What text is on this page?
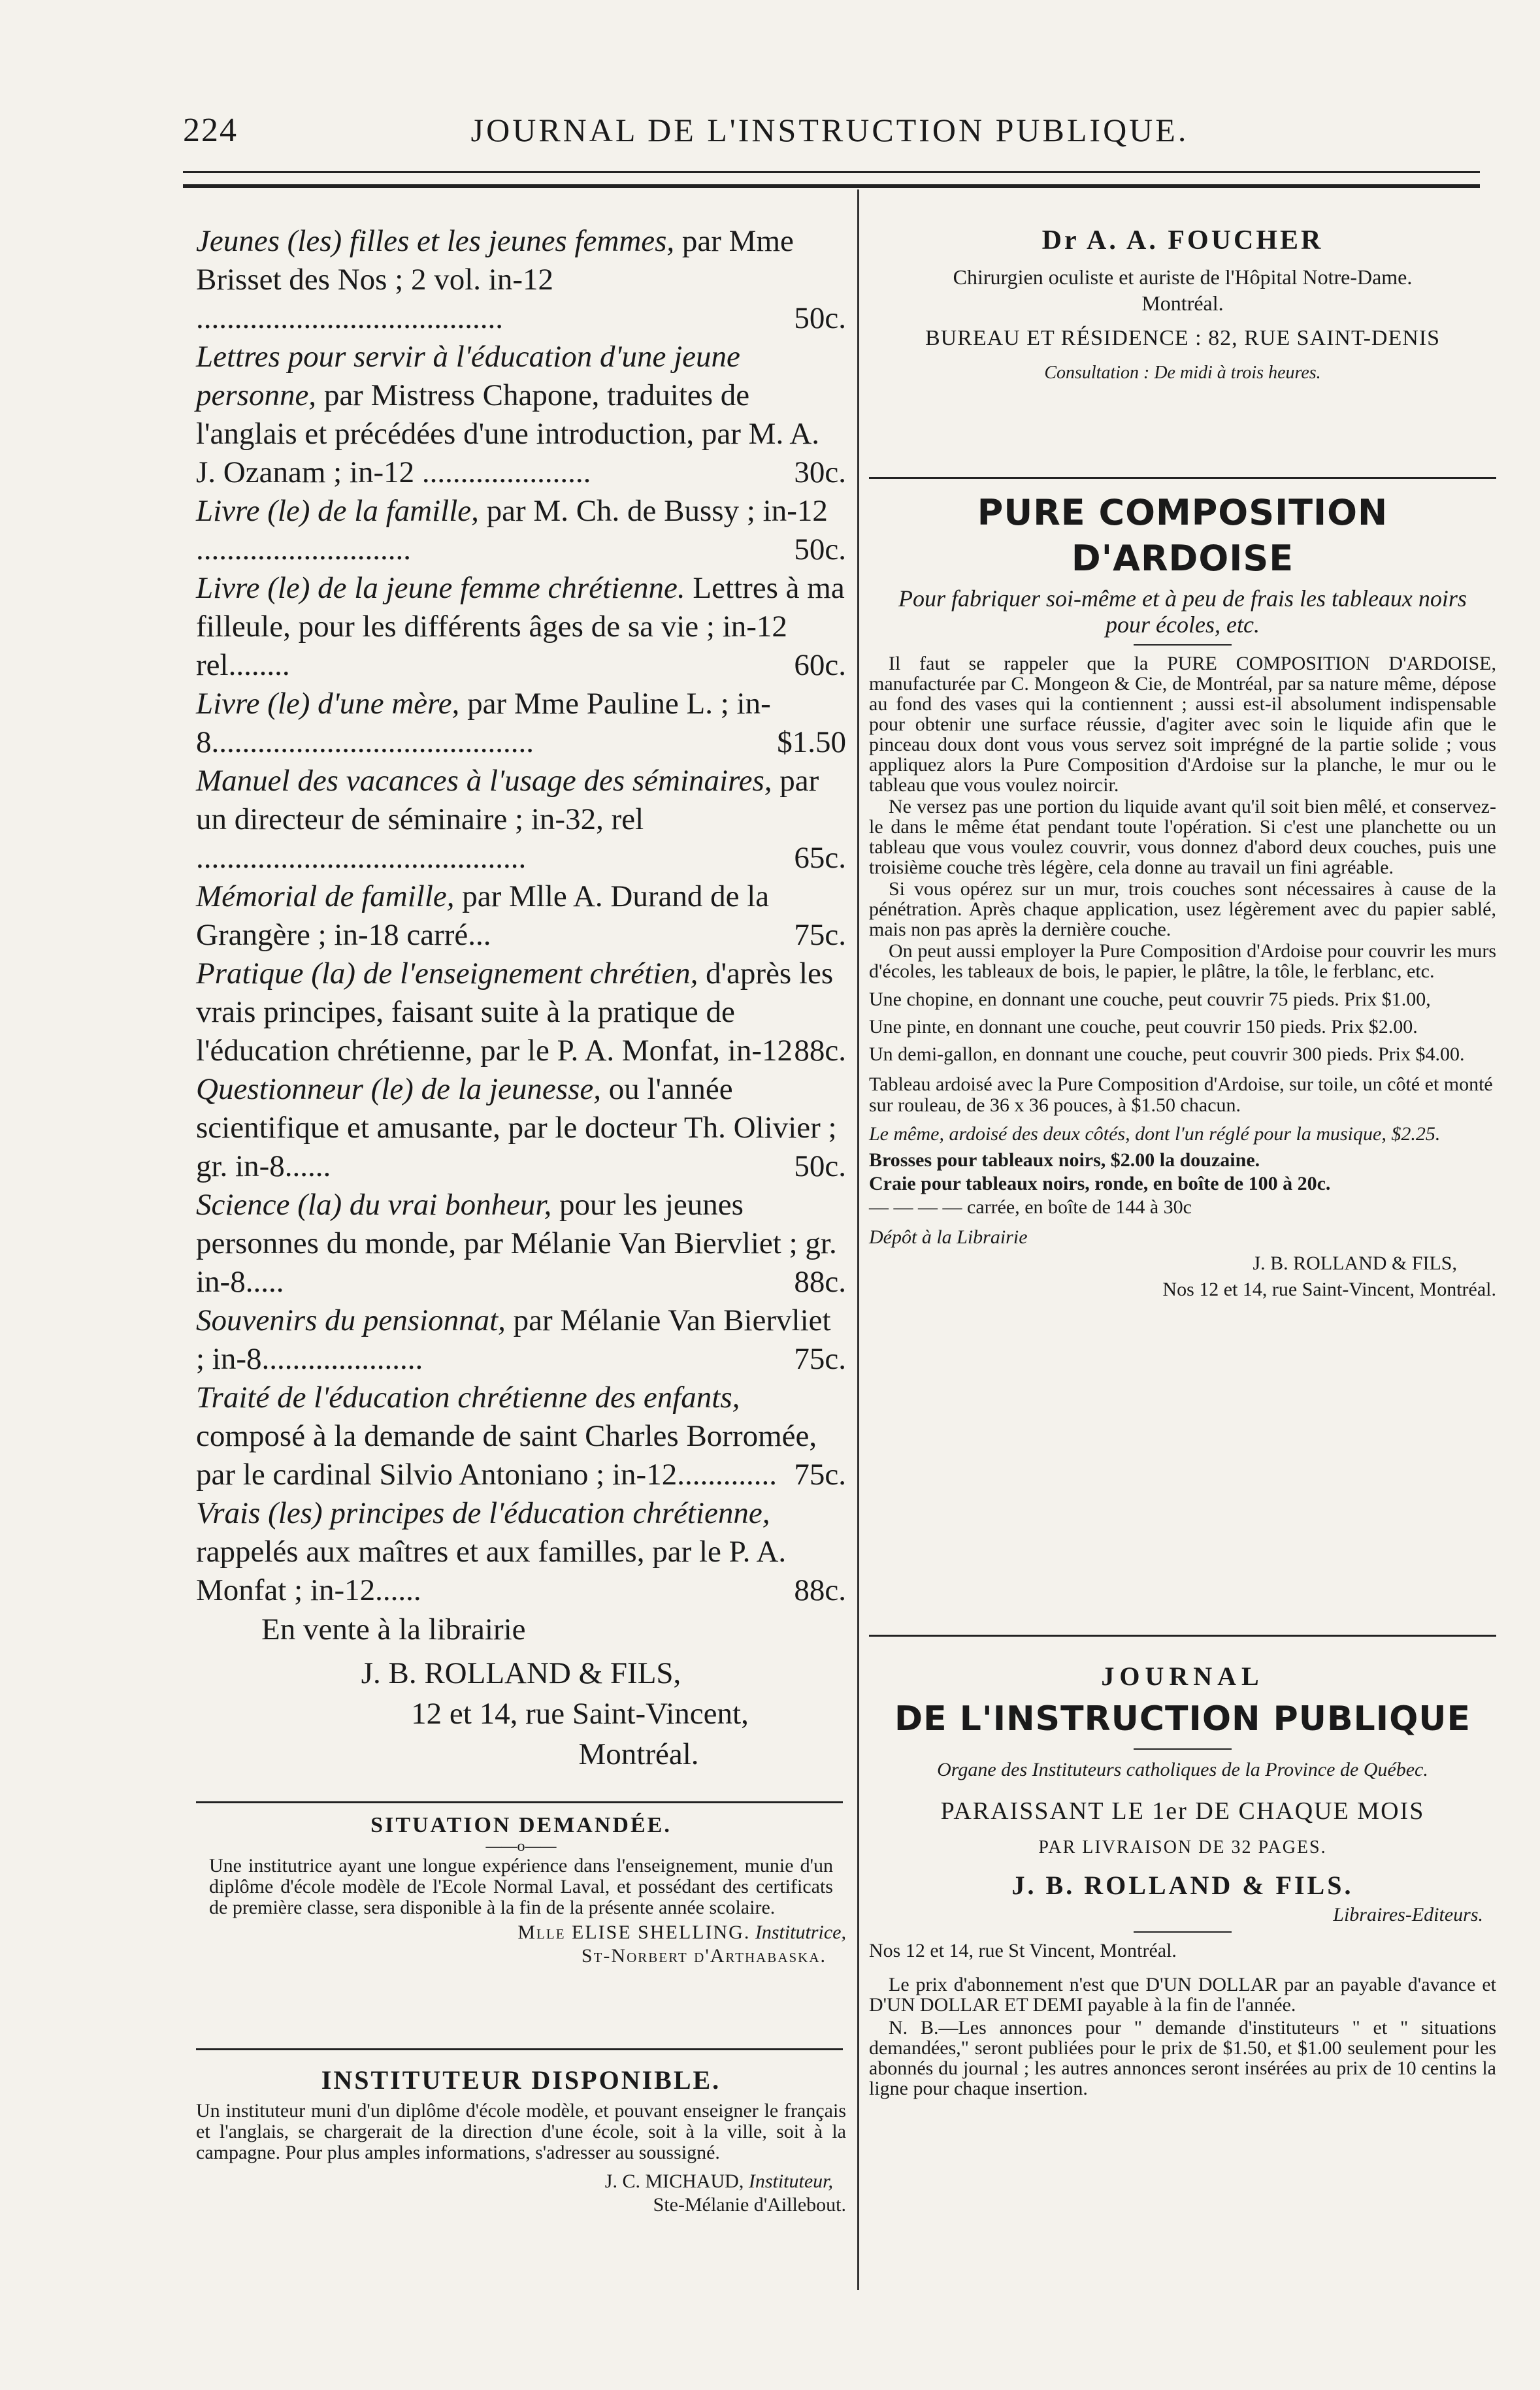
224	JOURNAL DE L'INSTRUCTION PUBLIQUE.
Jeunes (les) filles et les jeunes femmes, par Mme Brisset des Nos ; 2 vol. in-12 ........................................	50c.
Lettres pour servir à l'éducation d'une jeune personne, par Mistress Chapone, traduites de l'anglais et précédées d'une introduction, par M. A. J. Ozanam ; in-12 ......................	30c.
Livre (le) de la famille, par M. Ch. de Bussy ; in-12 ............................	50c.
Livre (le) de la jeune femme chrétienne. Lettres à ma filleule, pour les différents âges de sa vie ; in-12 rel........	60c.
Livre (le) d'une mère, par Mme Pauline L. ; in-8..........................................	$1.50
Manuel des vacances à l'usage des séminaires, par un directeur de séminaire ; in-32, rel ...........................................	65c.
Mémorial de famille, par Mlle A. Durand de la Grangère ; in-18 carré...	75c.
Pratique (la) de l'enseignement chrétien, d'après les vrais principes, faisant suite à la pratique de l'éducation chrétienne, par le P. A. Monfat, in-12 88c.
Questionneur (le) de la jeunesse, ou l'année scientifique et amusante, par le docteur Th. Olivier ; gr. in-8......	50c.
Science (la) du vrai bonheur, pour les jeunes personnes du monde, par Mélanie Van Biervliet ; gr. in-8.....	88c.
Souvenirs du pensionnat, par Mélanie Van Biervliet ; in-8.....................	75c.
Traité de l'éducation chrétienne des enfants, composé à la demande de saint Charles Borromée, par le cardinal Silvio Antoniano ; in-12............. 75c.
Vrais (les) principes de l'éducation chrétienne, rappelés aux maîtres et aux familles, par le P. A. Monfat ; in-12......	88c.
En vente à la librairie
J. B. ROLLAND & FILS,
12 et 14, rue Saint-Vincent,
Montréal.
SITUATION DEMANDÉE.
——o——
Une institutrice ayant une longue expérience dans l'enseignement, munie d'un diplôme d'école modèle de l'Ecole Normal Laval, et possédant des certificats de première classe, sera disponible à la fin de la présente année scolaire.
Mlle ELISE SHELLING. Institutrice,
St-Norbert d'Arthabaska.
INSTITUTEUR DISPONIBLE.
Un instituteur muni d'un diplôme d'école modèle, et pouvant enseigner le français et l'anglais, se chargerait de la direction d'une école, soit à la ville, soit à la campagne. Pour plus amples informations, s'adresser au soussigné.
J. C. MICHAUD, Instituteur,
Ste-Mélanie d'Aillebout.
Dr A. A. FOUCHER
Chirurgien oculiste et auriste de l'Hôpital Notre-Dame.
Montréal.
BUREAU ET RÉSIDENCE : 82, RUE SAINT-DENIS
Consultation : De midi à trois heures.
PURE COMPOSITION D'ARDOISE
Pour fabriquer soi-même et à peu de frais les tableaux noirs pour écoles, etc.

Il faut se rappeler que la PURE COMPOSITION D'ARDOISE, manufacturée par C. Mongeon & Cie, de Montréal, par sa nature même, dépose au fond des vases qui la contiennent ; aussi est-il absolument indispensable pour obtenir une surface réussie, d'agiter avec soin le liquide afin que le pinceau doux dont vous vous servez soit imprégné de la partie solide ; vous appliquez alors la Pure Composition d'Ardoise sur la planche, le mur ou le tableau que vous voulez noircir.

Ne versez pas une portion du liquide avant qu'il soit bien mêlé, et conservez-le dans le même état pendant toute l'opération. Si c'est une planchette ou un tableau que vous voulez couvrir, vous donnez d'abord deux couches, puis une troisième couche très légère, cela donne au travail un fini agréable.

Si vous opérez sur un mur, trois couches sont nécessaires à cause de la pénétration. Après chaque application, usez légèrement avec du papier sablé, mais non pas après la dernière couche.

On peut aussi employer la Pure Composition d'Ardoise pour couvrir les murs d'écoles, les tableaux de bois, le papier, le plâtre, la tôle, le ferblanc, etc.

Une chopine, en donnant une couche, peut couvrir 75 pieds. Prix $1.00,
Une pinte, en donnant une couche, peut couvrir 150 pieds. Prix $2.00.
Un demi-gallon, en donnant une couche, peut couvrir 300 pieds. Prix $4.00.
Tableau ardoisé avec la Pure Composition d'Ardoise, sur toile, un côté et monté sur rouleau, de 36 x 36 pouces, à $1.50 chacun.
Le même, ardoisé des deux côtés, dont l'un réglé pour la musique, $2.25.
Brosses pour tableaux noirs, $2.00 la douzaine.
Craie pour tableaux noirs, ronde, en boîte de 100 à 20c.
— — — — carrée, en boîte de 144 à 30c
Dépôt à la Librairie
J. B. ROLLAND & FILS,
Nos 12 et 14, rue Saint-Vincent, Montréal.
JOURNAL
DE L'INSTRUCTION PUBLIQUE
Organe des Instituteurs catholiques de la Province de Québec.
PARAISSANT LE 1er DE CHAQUE MOIS
PAR LIVRAISON DE 32 PAGES.
J. B. ROLLAND & FILS.
Libraires-Editeurs.
Nos 12 et 14, rue St Vincent, Montréal.
Le prix d'abonnement n'est que D'UN DOLLAR par an payable d'avance et D'UN DOLLAR ET DEMI payable à la fin de l'année.
N. B.—Les annonces pour " demande d'instituteurs " et " situations demandées," seront publiées pour le prix de $1.50, et $1.00 seulement pour les abonnés du journal ; les autres annonces seront insérées au prix de 10 centins la ligne pour chaque insertion.
